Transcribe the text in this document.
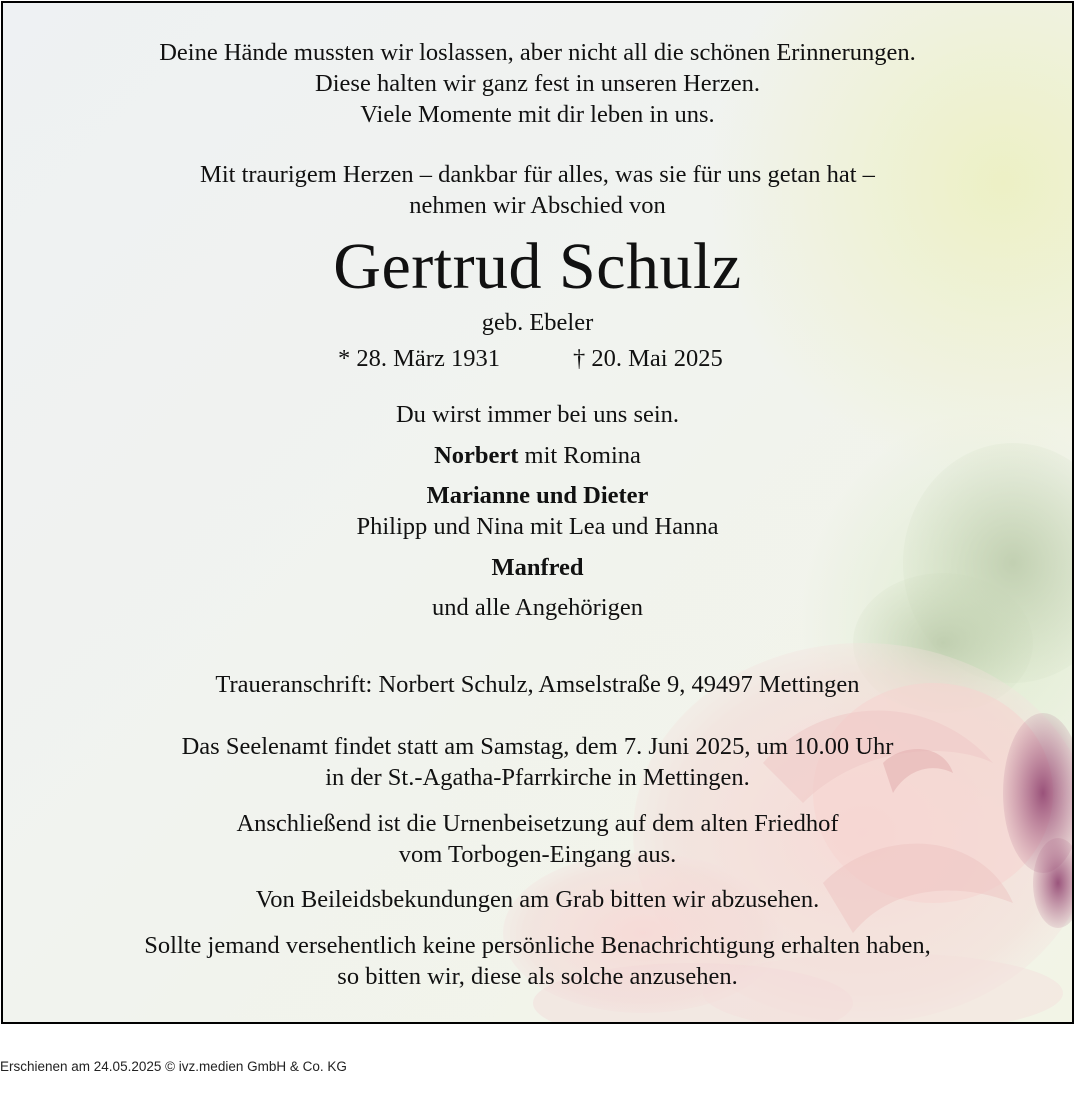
Deine Hände mussten wir loslassen, aber nicht all die schönen Erinnerungen.
Diese halten wir ganz fest in unseren Herzen.
Viele Momente mit dir leben in uns.
Mit traurigem Herzen – dankbar für alles, was sie für uns getan hat –
nehmen wir Abschied von
Gertrud Schulz
geb. Ebeler
* 28. März 1931	† 20. Mai 2025
Du wirst immer bei uns sein.
Norbert mit Romina
Marianne und Dieter
Philipp und Nina mit Lea und Hanna
Manfred
und alle Angehörigen
Traueranschrift: Norbert Schulz, Amselstraße 9, 49497 Mettingen
Das Seelenamt findet statt am Samstag, dem 7. Juni 2025, um 10.00 Uhr
in der St.-Agatha-Pfarrkirche in Mettingen.
Anschließend ist die Urnenbeisetzung auf dem alten Friedhof
vom Torbogen-Eingang aus.
Von Beileidsbekundungen am Grab bitten wir abzusehen.
Sollte jemand versehentlich keine persönliche Benachrichtigung erhalten haben,
so bitten wir, diese als solche anzusehen.
Erschienen am 24.05.2025 © ivz.medien GmbH & Co. KG
